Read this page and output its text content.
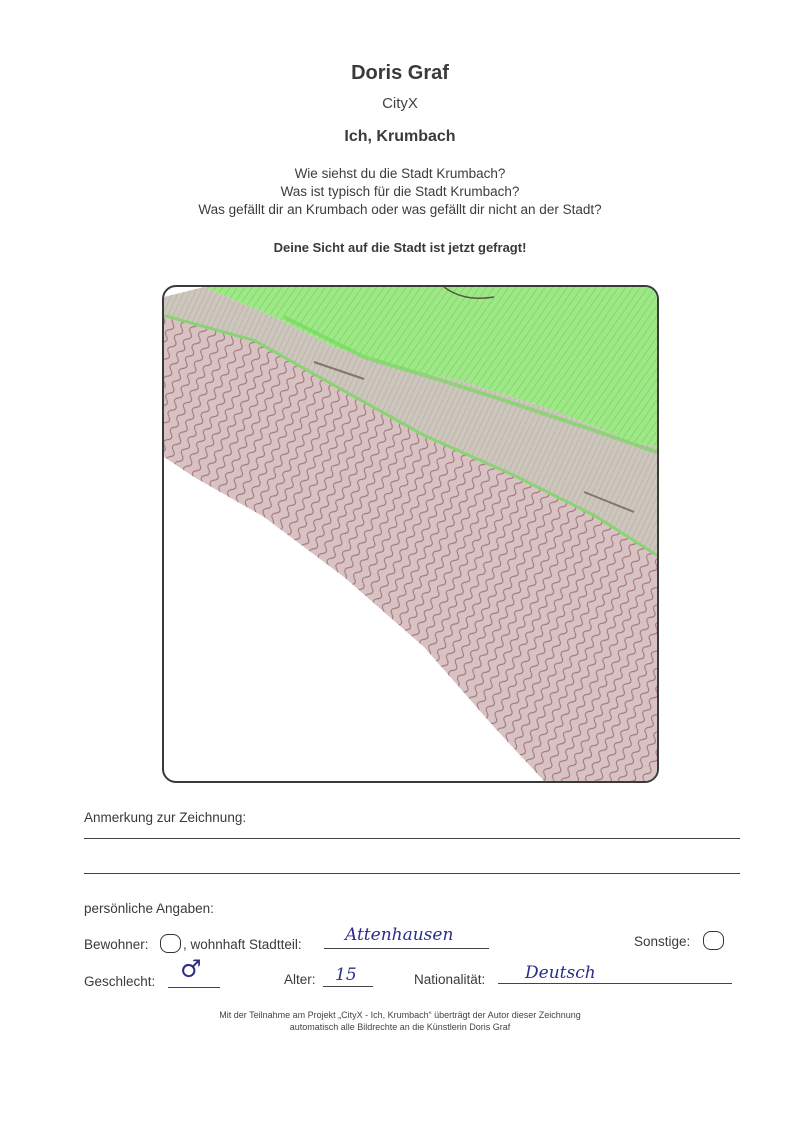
Doris Graf
CityX
Ich, Krumbach
Wie siehst du die Stadt Krumbach?
Was ist typisch für die Stadt Krumbach?
Was gefällt dir an Krumbach oder was gefällt dir nicht an der Stadt?
Deine Sicht auf die Stadt ist jetzt gefragt!
Anmerkung zur Zeichnung:
persönliche Angaben:
Bewohner:	, wohnhaft Stadtteil:	Attenhausen	Sonstige:
Geschlecht: ♂	Alter: 15	Nationalität: Deutsch
Mit der Teilnahme am Projekt „CityX - Ich, Krumbach“ überträgt der Autor dieser Zeichnung
automatisch alle Bildrechte an die Künstlerin Doris Graf
